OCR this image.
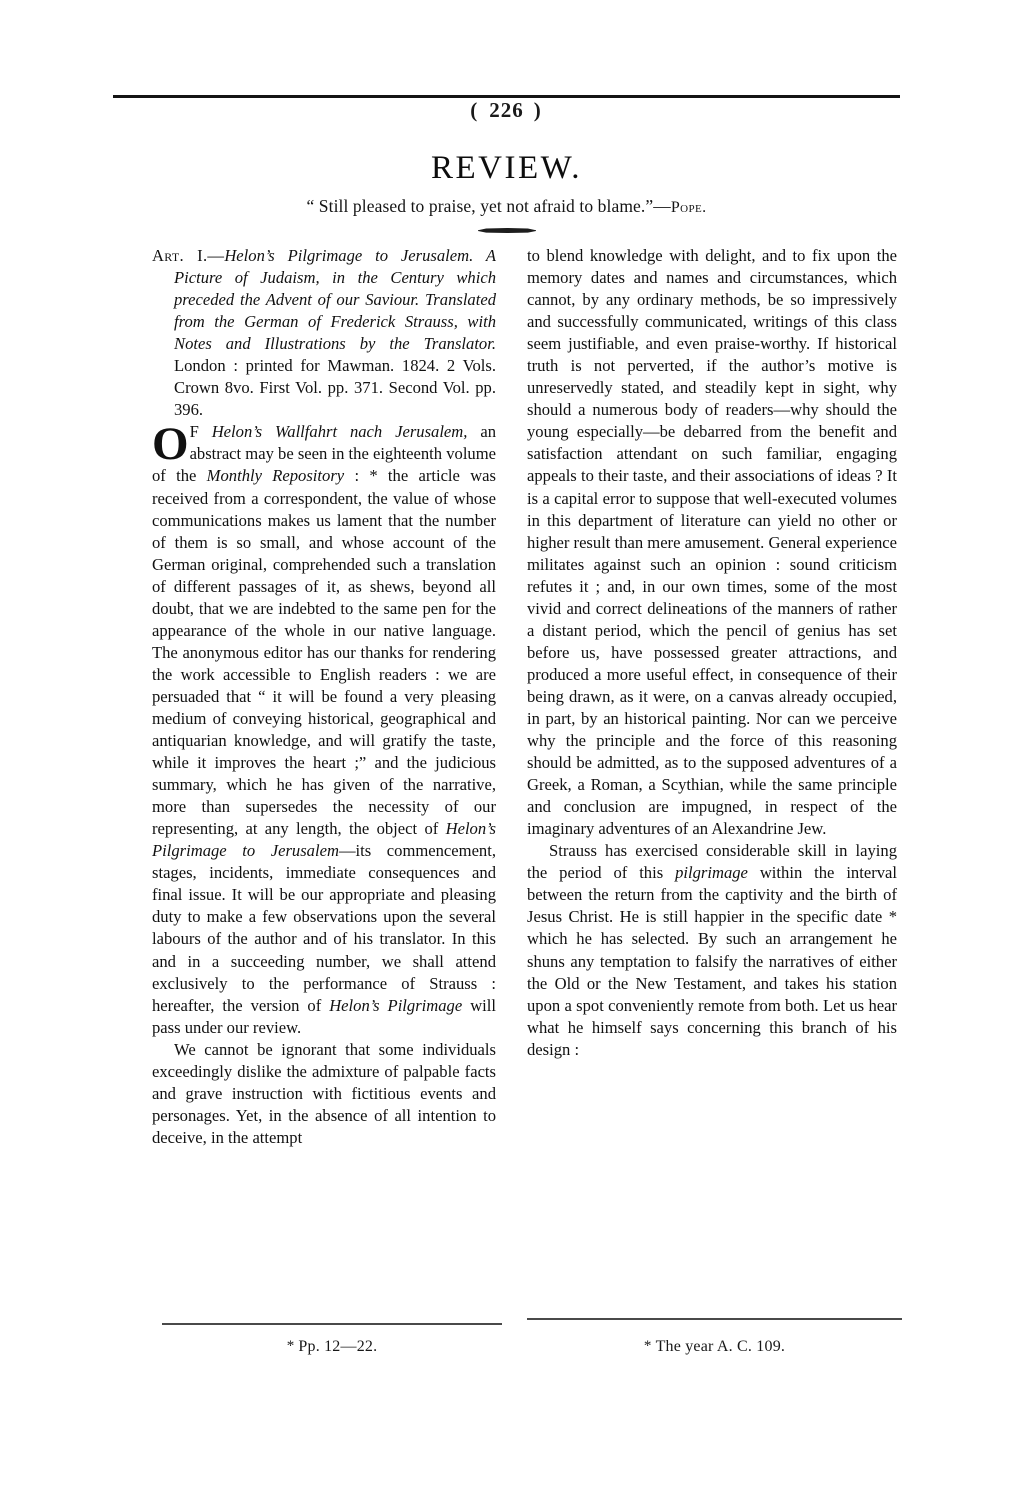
( 226 )
REVIEW.
“ Still pleased to praise, yet not afraid to blame.”—Pope.

Art. I.—Helon’s Pilgrimage to Jerusalem. A Picture of Judaism, in the Century which preceded the Advent of our Saviour. Translated from the German of Frederick Strauss, with Notes and Illustrations by the Translator. London : printed for Mawman. 1824. 2 Vols. Crown 8vo. First Vol. pp. 371. Second Vol. pp. 396.

O F Helon’s Wallfahrt nach Jerusalem, an abstract may be seen in the eighteenth volume of the Monthly Repository : * the article was received from a correspondent, the value of whose communications makes us lament that the number of them is so small, and whose account of the German original, comprehended such a translation of different passages of it, as shews, beyond all doubt, that we are indebted to the same pen for the appearance of the whole in our native language. The anonymous editor has our thanks for rendering the work accessible to English readers : we are persuaded that “ it will be found a very pleasing medium of conveying historical, geographical and antiquarian knowledge, and will gratify the taste, while it improves the heart ;” and the judicious summary, which he has given of the narrative, more than supersedes the necessity of our representing, at any length, the object of Helon’s Pilgrimage to Jerusalem—its commencement, stages, incidents, immediate consequences and final issue. It will be our appropriate and pleasing duty to make a few observations upon the several labours of the author and of his translator. In this and in a succeeding number, we shall attend exclusively to the performance of Strauss : hereafter, the version of Helon’s Pilgrimage will pass under our review.

We cannot be ignorant that some individuals exceedingly dislike the admixture of palpable facts and grave instruction with fictitious events and personages. Yet, in the absence of all intention to deceive, in the attempt

to blend knowledge with delight, and to fix upon the memory dates and names and circumstances, which cannot, by any ordinary methods, be so impressively and successfully communicated, writings of this class seem justifiable, and even praise-worthy. If historical truth is not perverted, if the author’s motive is unreservedly stated, and steadily kept in sight, why should a numerous body of readers—why should the young especially—be debarred from the benefit and satisfaction attendant on such familiar, engaging appeals to their taste, and their associations of ideas ? It is a capital error to suppose that well-executed volumes in this department of literature can yield no other or higher result than mere amusement. General experience militates against such an opinion : sound criticism refutes it ; and, in our own times, some of the most vivid and correct delineations of the manners of rather a distant period, which the pencil of genius has set before us, have possessed greater attractions, and produced a more useful effect, in consequence of their being drawn, as it were, on a canvas already occupied, in part, by an historical painting. Nor can we perceive why the principle and the force of this reasoning should be admitted, as to the supposed adventures of a Greek, a Roman, a Scythian, while the same principle and conclusion are impugned, in respect of the imaginary adventures of an Alexandrine Jew.

Strauss has exercised considerable skill in laying the period of this pilgrimage within the interval between the return from the captivity and the birth of Jesus Christ. He is still happier in the specific date * which he has selected. By such an arrangement he shuns any temptation to falsify the narratives of either the Old or the New Testament, and takes his station upon a spot conveniently remote from both. Let us hear what he himself says concerning this branch of his design :

* Pp. 12—22.	* The year A. C. 109.
